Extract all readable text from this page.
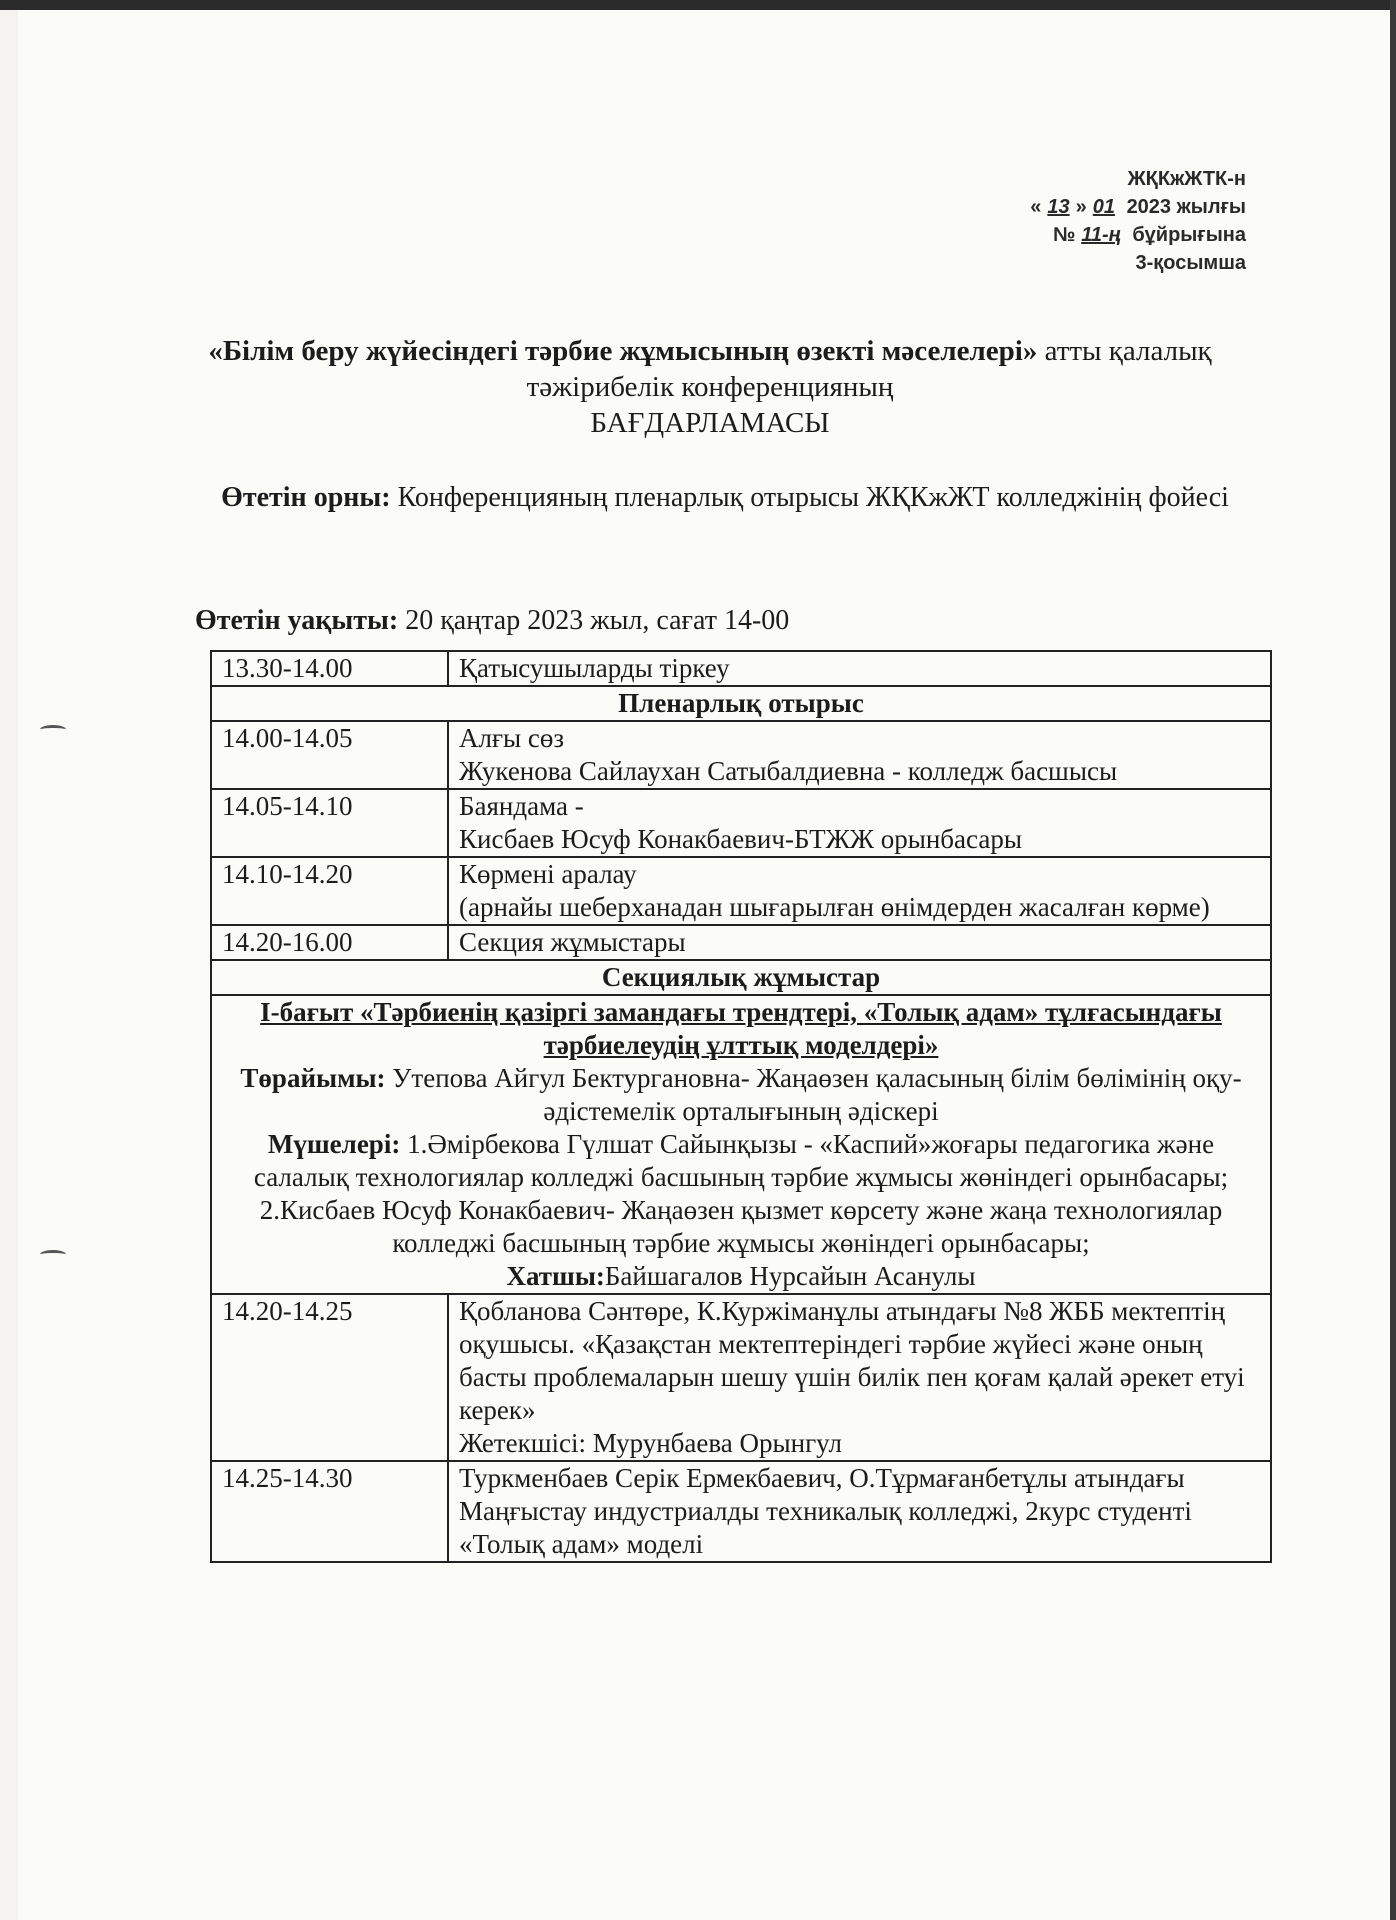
ЖҚКжЖТК-н
« 13 » 01 2023 жылғы
№ 11-ң бұйрығына
3-қосымша
«Білім беру жүйесіндегі тәрбие жұмысының өзекті мәселелері» атты қалалық тәжірибелік конференцияның
БАҒДАРЛАМАСЫ
Өтетін орны: Конференцияның пленарлық отырысы ЖҚКжЖТ колледжінің фойесі
Өтетін уақыты: 20 қаңтар 2023 жыл, сағат 14-00
13.30-14.00	Қатысушыларды тіркеу
Пленарлық отырыс	
14.00-14.05	Алғы сөз
Жукенова Сайлаухан Сатыбалдиевна - колледж басшысы

14.05-14.10	Баяндама -
Кисбаев Юсуф Конакбаевич-БТЖЖ орынбасары

14.10-14.20	Көрмені аралау
(арнайы шеберханадан шығарылған өнімдерден жасалған көрме)

14.20-16.00	Секция жұмыстары
Секциялық жұмыстар	

І-бағыт «Тәрбиенің қазіргі замандағы трендтері, «Толық адам» тұлғасындағы тәрбиелеудің ұлттық моделдері»
Төрайымы: Утепова Айгул Бектургановна- Жаңаөзен қаласының білім бөлімінің оқу-әдістемелік орталығының әдіскері
Мүшелері: 1.Әмірбекова Гүлшат Сайынқызы - «Каспий»жоғары педагогика және салалық технологиялар колледжі басшының тәрбие жұмысы жөніндегі орынбасары;
2.Кисбаев Юсуф Конакбаевич- Жаңаөзен қызмет көрсету және жаңа технологиялар колледжі басшының тәрбие жұмысы жөніндегі орынбасары;
Хатшы:Байшагалов Нурсайын Асанулы	

14.20-14.25	Қобланова Сәнтөре, К.Куржіманұлы атындағы №8 ЖББ мектептің оқушысы. «Қазақстан мектептеріндегі тәрбие жүйесі және оның басты проблемаларын шешу үшін билік пен қоғам қалай әрекет етуі керек»
Жетекшісі: Мурунбаева Орынгул

14.25-14.30	Туркменбаев Серік Ермекбаевич, О.Тұрмағанбетұлы атындағы Маңғыстау индустриалды техникалық колледжі, 2курс студенті
«Толық адам» моделі
